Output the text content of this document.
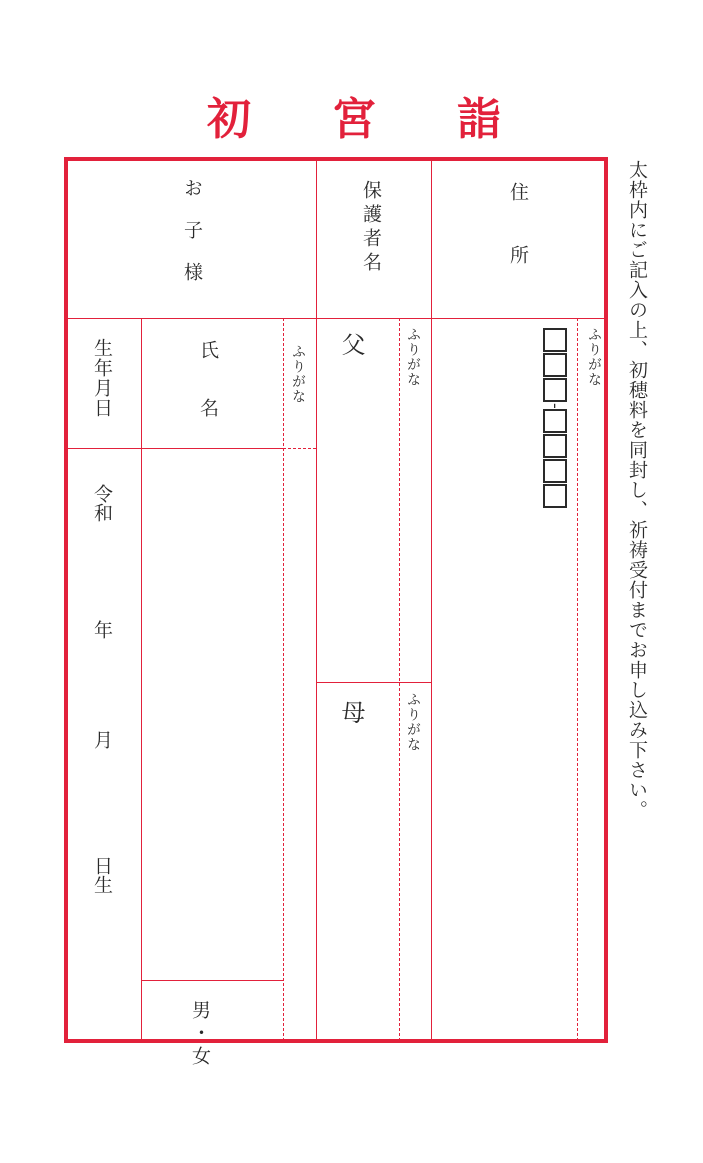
初 宮 詣
太枠内にご記入の上、初穂料を同封し、祈祷受付までお申し込み下さい。
住　　所
保護者名
お　子　様
ふりがな
-
ふりがな
父
ふりがな
母
ふりがな
氏　名
生年月日
令和
年
月
日生
男・女
